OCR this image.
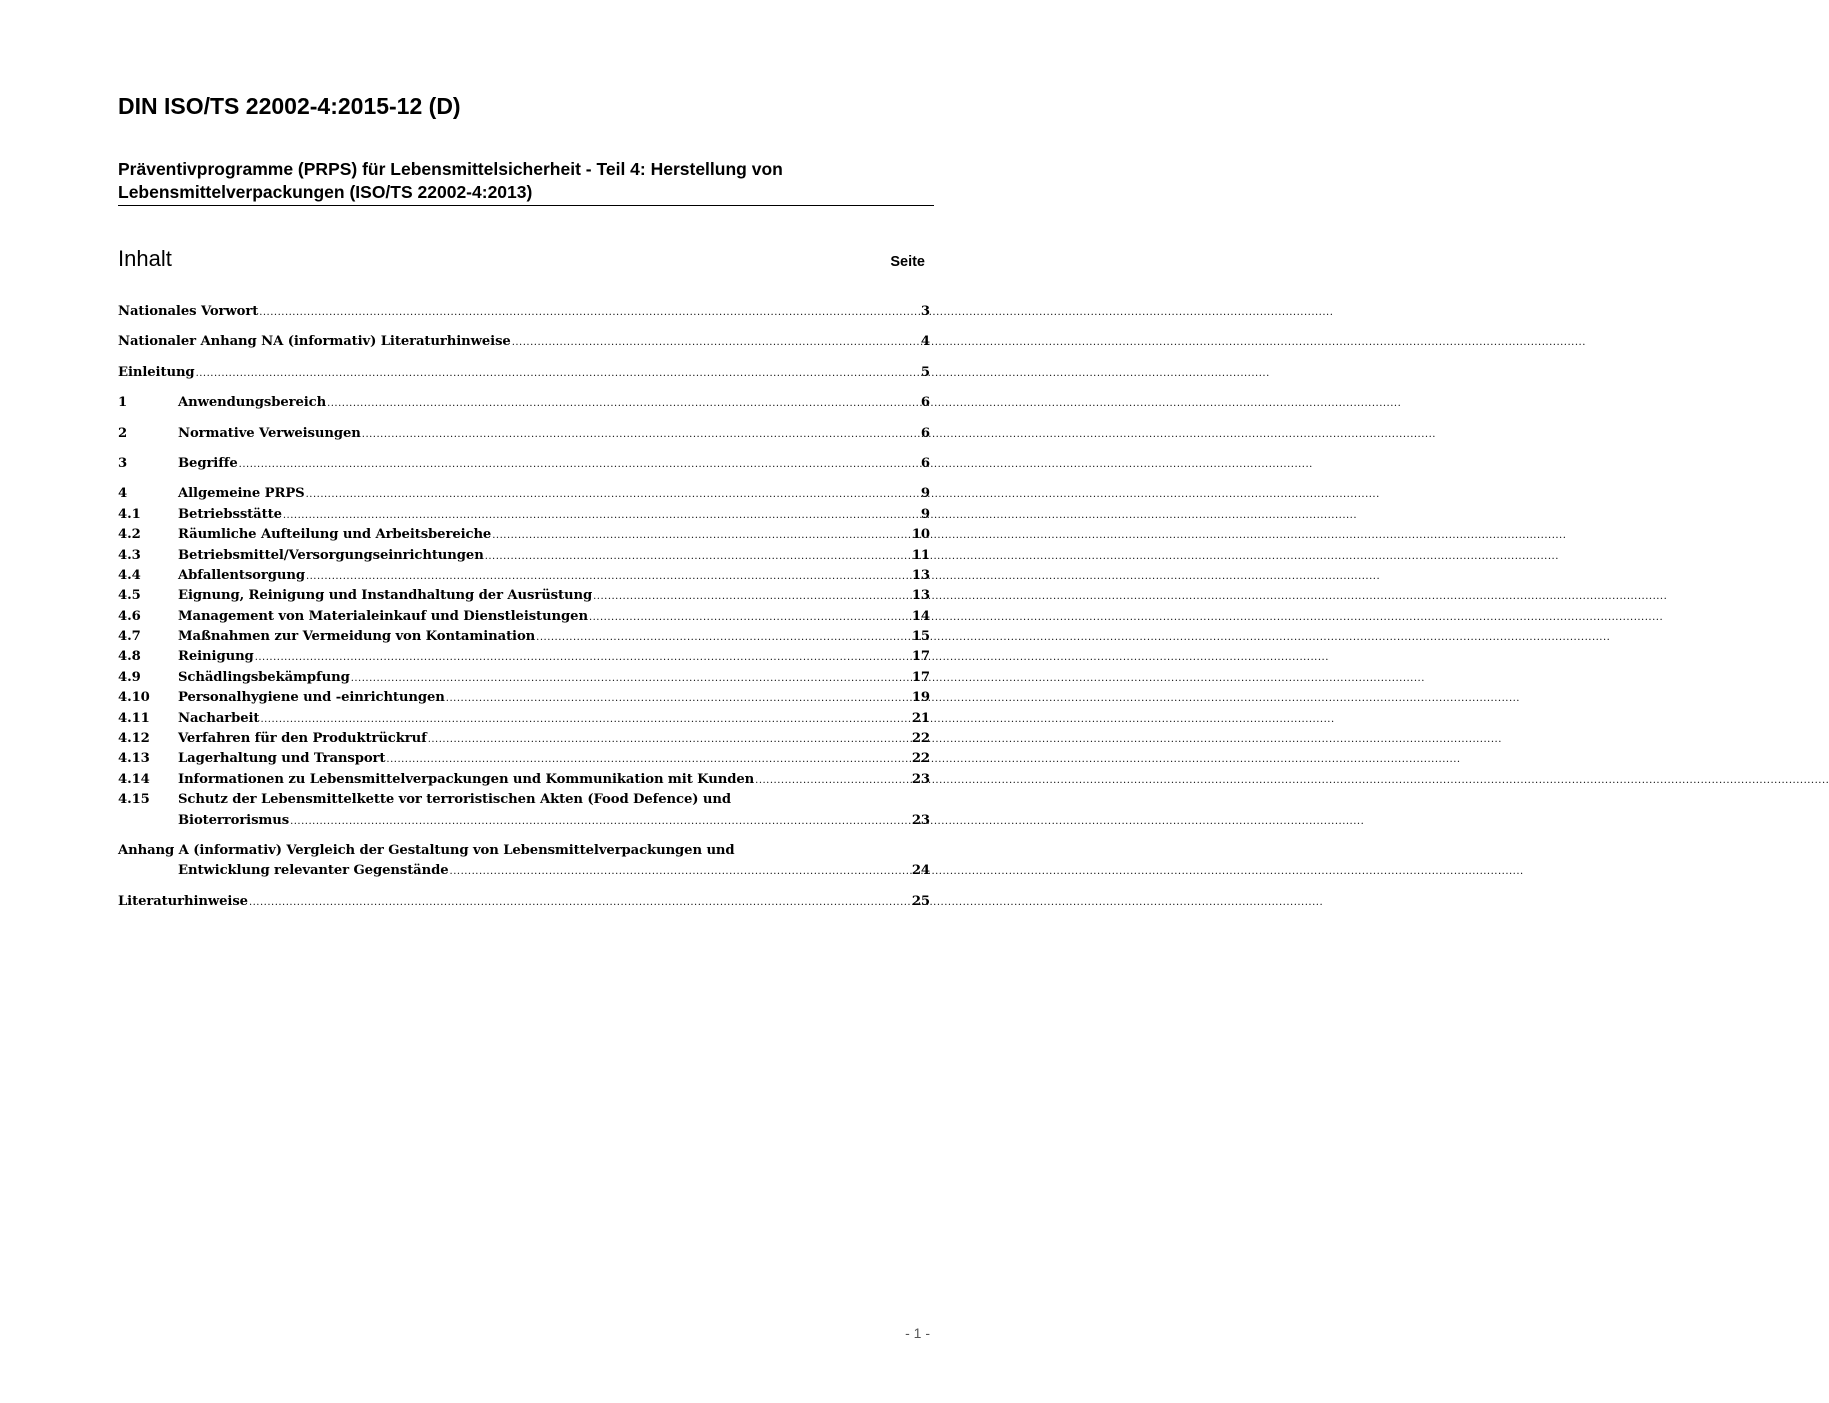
DIN ISO/TS 22002-4:2015-12 (D)
Präventivprogramme (PRPS) für Lebensmittelsicherheit - Teil 4: Herstellung von
Lebensmittelverpackungen (ISO/TS 22002-4:2013)
Inhalt	Seite
Nationales Vorwort .....	3
Nationaler Anhang NA (informativ) Literaturhinweise .....	4
Einleitung .....	5
1	Anwendungsbereich .....	6
2	Normative Verweisungen .....	6
3	Begriffe .....	6
4	Allgemeine PRPS .....	9
4.1	Betriebsstätte .....	9
4.2	Räumliche Aufteilung und Arbeitsbereiche .....	10
4.3	Betriebsmittel/Versorgungseinrichtungen .....	11
4.4	Abfallentsorgung .....	13
4.5	Eignung, Reinigung und Instandhaltung der Ausrüstung .....	13
4.6	Management von Materialeinkauf und Dienstleistungen .....	14
4.7	Maßnahmen zur Vermeidung von Kontamination .....	15
4.8	Reinigung .....	17
4.9	Schädlingsbekämpfung .....	17
4.10	Personalhygiene und -einrichtungen .....	19
4.11	Nacharbeit .....	21
4.12	Verfahren für den Produktrückruf .....	22
4.13	Lagerhaltung und Transport .....	22
4.14	Informationen zu Lebensmittelverpackungen und Kommunikation mit Kunden .....	23
4.15	Schutz der Lebensmittelkette vor terroristischen Akten (Food Defence) und
Bioterrorismus .....	23
Anhang A (informativ) Vergleich der Gestaltung von Lebensmittelverpackungen und
Entwicklung relevanter Gegenstände .....	24
Literaturhinweise .....	25
- 1 -
